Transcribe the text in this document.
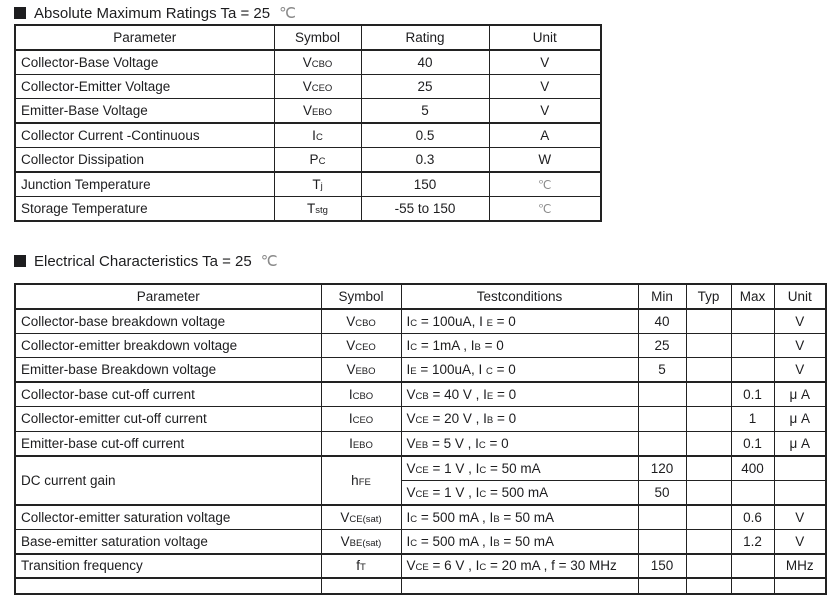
Absolute Maximum Ratings Ta = 25 ℃
Parameter	Symbol	Rating	Unit
Collector-Base Voltage	VCBO	40	V
Collector-Emitter Voltage	VCEO	25	V
Emitter-Base Voltage	VEBO	5	V
Collector Current -Continuous	IC	0.5	A
Collector Dissipation	PC	0.3	W
Junction Temperature	Tj	150	℃
Storage Temperature	Tstg	-55 to 150	℃
Electrical Characteristics Ta = 25 ℃
Parameter	Symbol	Testconditions	Min	Typ	Max	Unit
Collector-base breakdown voltage	VCBO	IC = 100uA, I E = 0	40			V
Collector-emitter breakdown voltage	VCEO	IC = 1mA , IB = 0	25			V
Emitter-base Breakdown voltage	VEBO	IE = 100uA, I C = 0	5			V
Collector-base cut-off current	ICBO	VCB = 40 V , IE = 0			0.1	μ A
Collector-emitter cut-off current	ICEO	VCE = 20 V , IB = 0			1	μ A
Emitter-base cut-off current	IEBO	VEB = 5 V , IC = 0			0.1	μ A
DC current gain	hFE	VCE = 1 V , IC = 50 mA	120		400	
		VCE = 1 V , IC = 500 mA	50			
Collector-emitter saturation voltage	VCE(sat)	IC = 500 mA , IB = 50 mA			0.6	V
Base-emitter saturation voltage	VBE(sat)	IC = 500 mA , IB = 50 mA			1.2	V
Transition frequency	fT	VCE = 6 V , IC = 20 mA , f = 30 MHz	150			MHz
